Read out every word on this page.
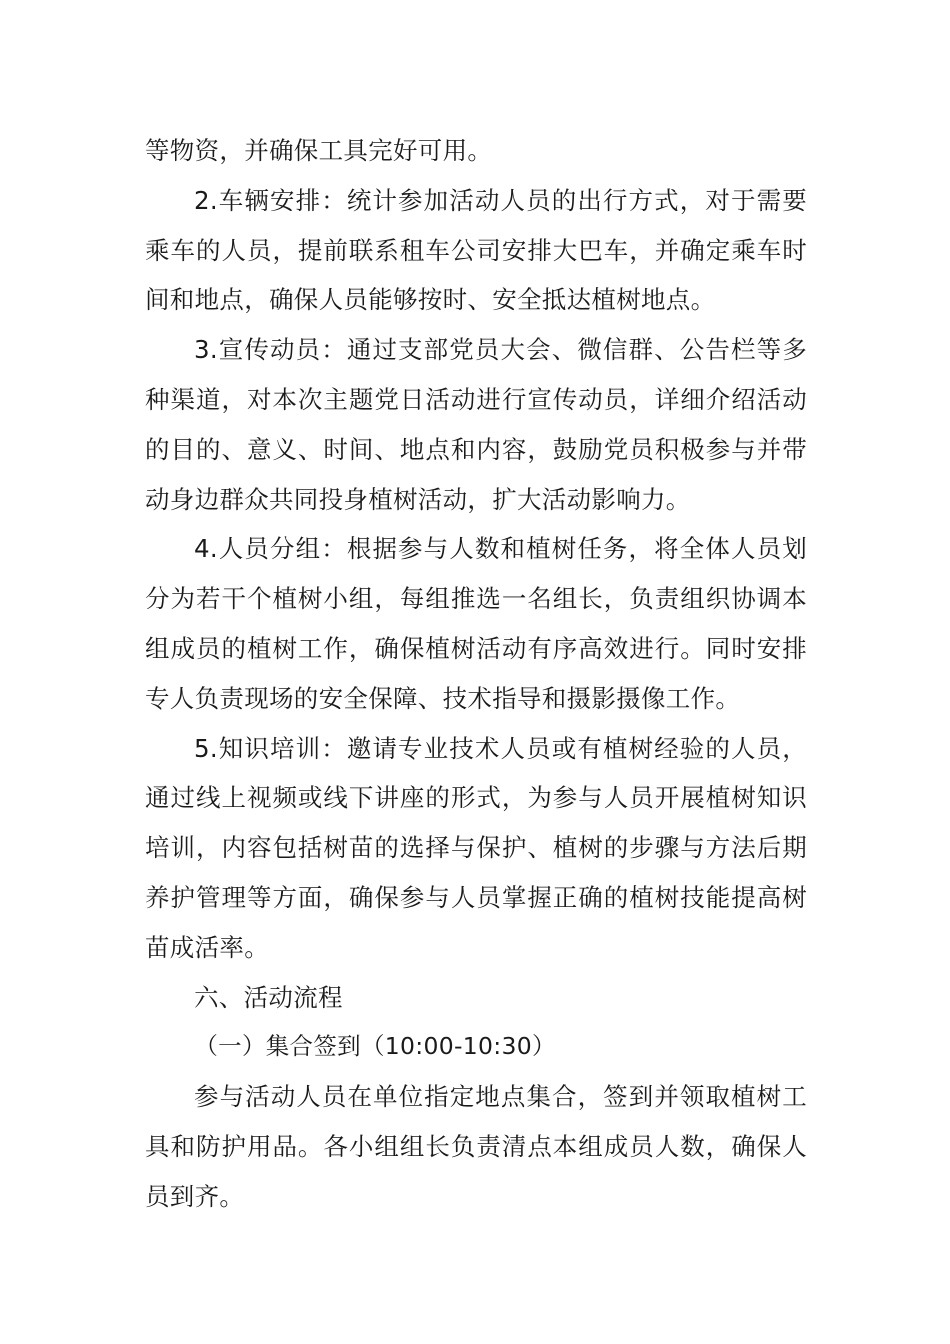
等物资，并确保工具完好可用。

2.车辆安排：统计参加活动人员的出行方式，对于需要乘车的人员，提前联系租车公司安排大巴车，并确定乘车时间和地点，确保人员能够按时、安全抵达植树地点。

3.宣传动员：通过支部党员大会、微信群、公告栏等多种渠道，对本次主题党日活动进行宣传动员，详细介绍活动的目的、意义、时间、地点和内容，鼓励党员积极参与并带动身边群众共同投身植树活动，扩大活动影响力。

4.人员分组：根据参与人数和植树任务，将全体人员划分为若干个植树小组，每组推选一名组长，负责组织协调本组成员的植树工作，确保植树活动有序高效进行。同时安排专人负责现场的安全保障、技术指导和摄影摄像工作。

5.知识培训：邀请专业技术人员或有植树经验的人员，通过线上视频或线下讲座的形式，为参与人员开展植树知识培训，内容包括树苗的选择与保护、植树的步骤与方法后期养护管理等方面，确保参与人员掌握正确的植树技能提高树苗成活率。

六、活动流程

（一）集合签到（10:00-10:30）

参与活动人员在单位指定地点集合，签到并领取植树工具和防护用品。各小组组长负责清点本组成员人数，确保人员到齐。
